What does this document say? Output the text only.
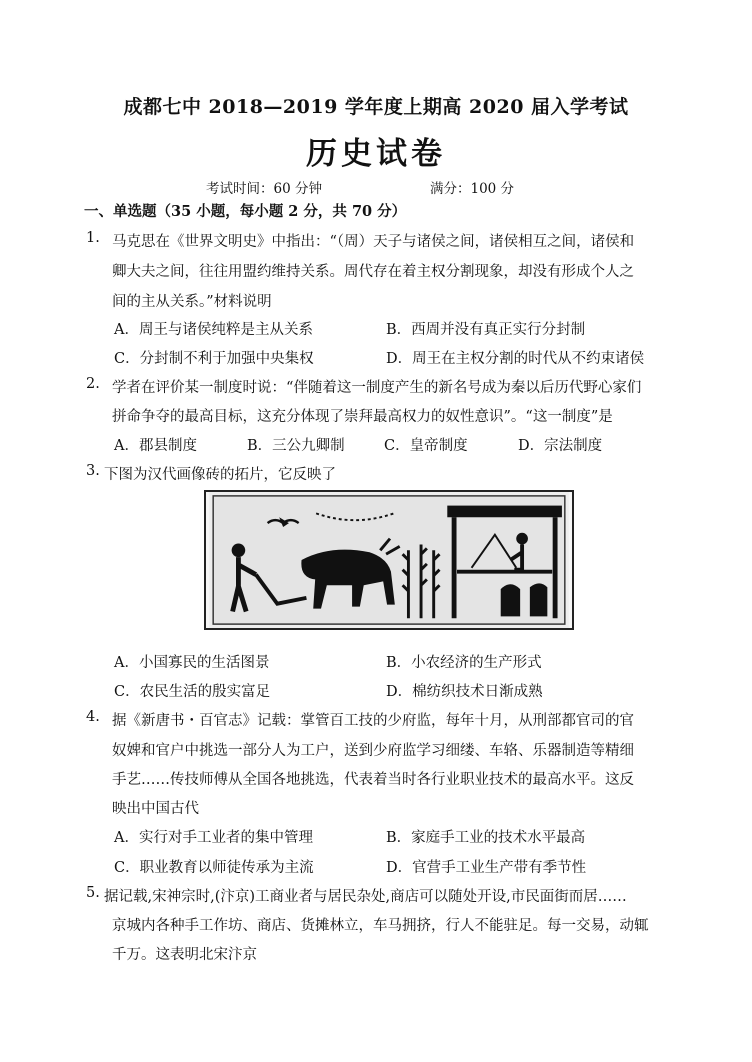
成都七中 2018—2019 学年度上期高 2020 届入学考试
历史试卷
考试时间：60 分钟	满分：100 分
一、单选题（35 小题，每小题 2 分，共 70 分）
1. 马克思在《世界文明史》中指出：“（周）天子与诸侯之间，诸侯相互之间，诸侯和
卿大夫之间，往往用盟约维持关系。周代存在着主权分割现象，却没有形成个人之
间的主从关系。”材料说明
A．周王与诸侯纯粹是主从关系	B．西周并没有真正实行分封制
C．分封制不利于加强中央集权	D．周王在主权分割的时代从不约束诸侯
2. 学者在评价某一制度时说：“伴随着这一制度产生的新名号成为秦以后历代野心家们
拼命争夺的最高目标，这充分体现了崇拜最高权力的奴性意识”。“这一制度”是
A．郡县制度	B．三公九卿制	C．皇帝制度	D．宗法制度
3. 下图为汉代画像砖的拓片，它反映了
A．小国寡民的生活图景	B．小农经济的生产形式
C．农民生活的殷实富足	D．棉纺织技术日渐成熟
4. 据《新唐书・百官志》记载：掌管百工技的少府监，每年十月，从刑部都官司的官
奴婢和官户中挑选一部分人为工户，送到少府监学习细缕、车辂、乐器制造等精细
手艺……传技师傅从全国各地挑选，代表着当时各行业职业技术的最高水平。这反
映出中国古代
A．实行对手工业者的集中管理	B．家庭手工业的技术水平最高
C．职业教育以师徒传承为主流	D．官营手工业生产带有季节性
5. 据记载,宋神宗时,(汴京)工商业者与居民杂处,商店可以随处开设,市民面街而居……
京城内各种手工作坊、商店、货摊林立，车马拥挤，行人不能驻足。每一交易，动辄
千万。这表明北宋汴京
